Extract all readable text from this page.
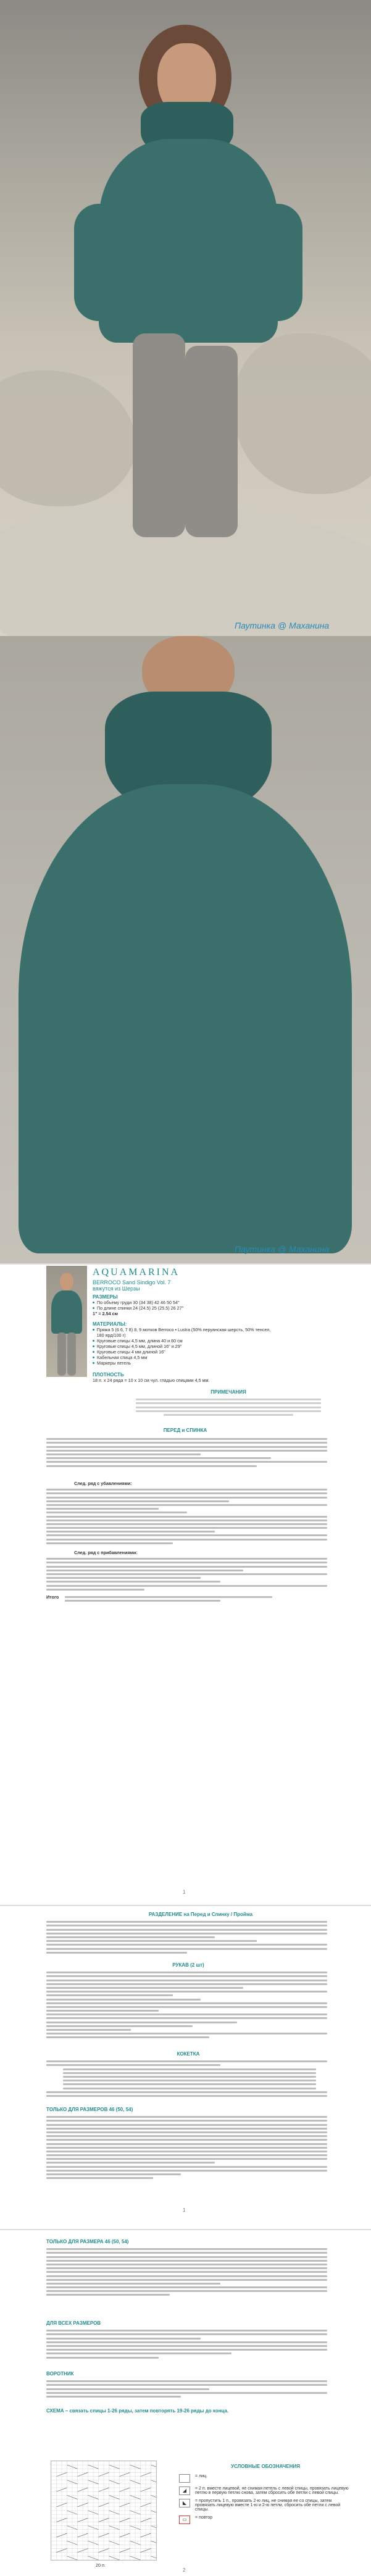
Паутинка @ Маханина
Паутинка @ Маханина
AQUAMARINA
BERROCO Sand Sindigo Vol. 7
вяжутся из Шерзы
РАЗМЕРЫ
По объему груди 30 (34 38) 42 46 50 54"
По длине спинки 24 (24.5) 25 (25.5) 26 27"
1" = 2.54 см
МАТЕРИАЛЫ:
Пряжа 5 (6 6, 7 8) 8, 9 мотков Berroco • Lustra (50% перуанская шерсть, 50% тенсел, 180 ярд/100 г)
Круговые спицы 4,5 мм, длина 40 и 60 см
Круговые спицы 4,5 мм, длиной 16" и 29"
Круговые спицы 4 мм длиной 16"
Кабельная спица 4,5 мм
Маркеры петель
ПЛОТНОСТЬ
18 п. x 24 ряда = 10 x 10 см чул. гладью спицами 4,5 мм.
ПРИМЕЧАНИЯ
ПЕРЕД и СПИНКА
След. ряд с убавлениями:
След. ряд с прибавлениями:
Итого
1
РАЗДЕЛЕНИЕ на Перед и Спинку / Пройма
РУКАВ (2 шт)
КОКЕТКА
ТОЛЬКО ДЛЯ РАЗМЕРОВ 46 (50, 54)
1
ТОЛЬКО ДЛЯ РАЗМЕРА 46 (50, 54)
ДЛЯ ВСЕХ РАЗМЕРОВ
ВОРОТНИК
СХЕМА – связать спицы 1-26 ряды, затем повторять 19-26 ряды до конца.
20 п.
УСЛОВНЫЕ ОБОЗНАЧЕНИЯ
= лиц.
◢	= 2 п. вместе лицевой, не снимая петель с левой спицы, провязать лицевую петлю в первую петлю снова, затем сбросить обе петли с левой спицы.
◣	= пропустить 1 п., провязать 2-ю лиц, не снимая ее со спицы, затем провязать лицевую вместе 1-ю и 2-ю петли, сбросить обе петли с левой спицы.
▭	= повтор
2
